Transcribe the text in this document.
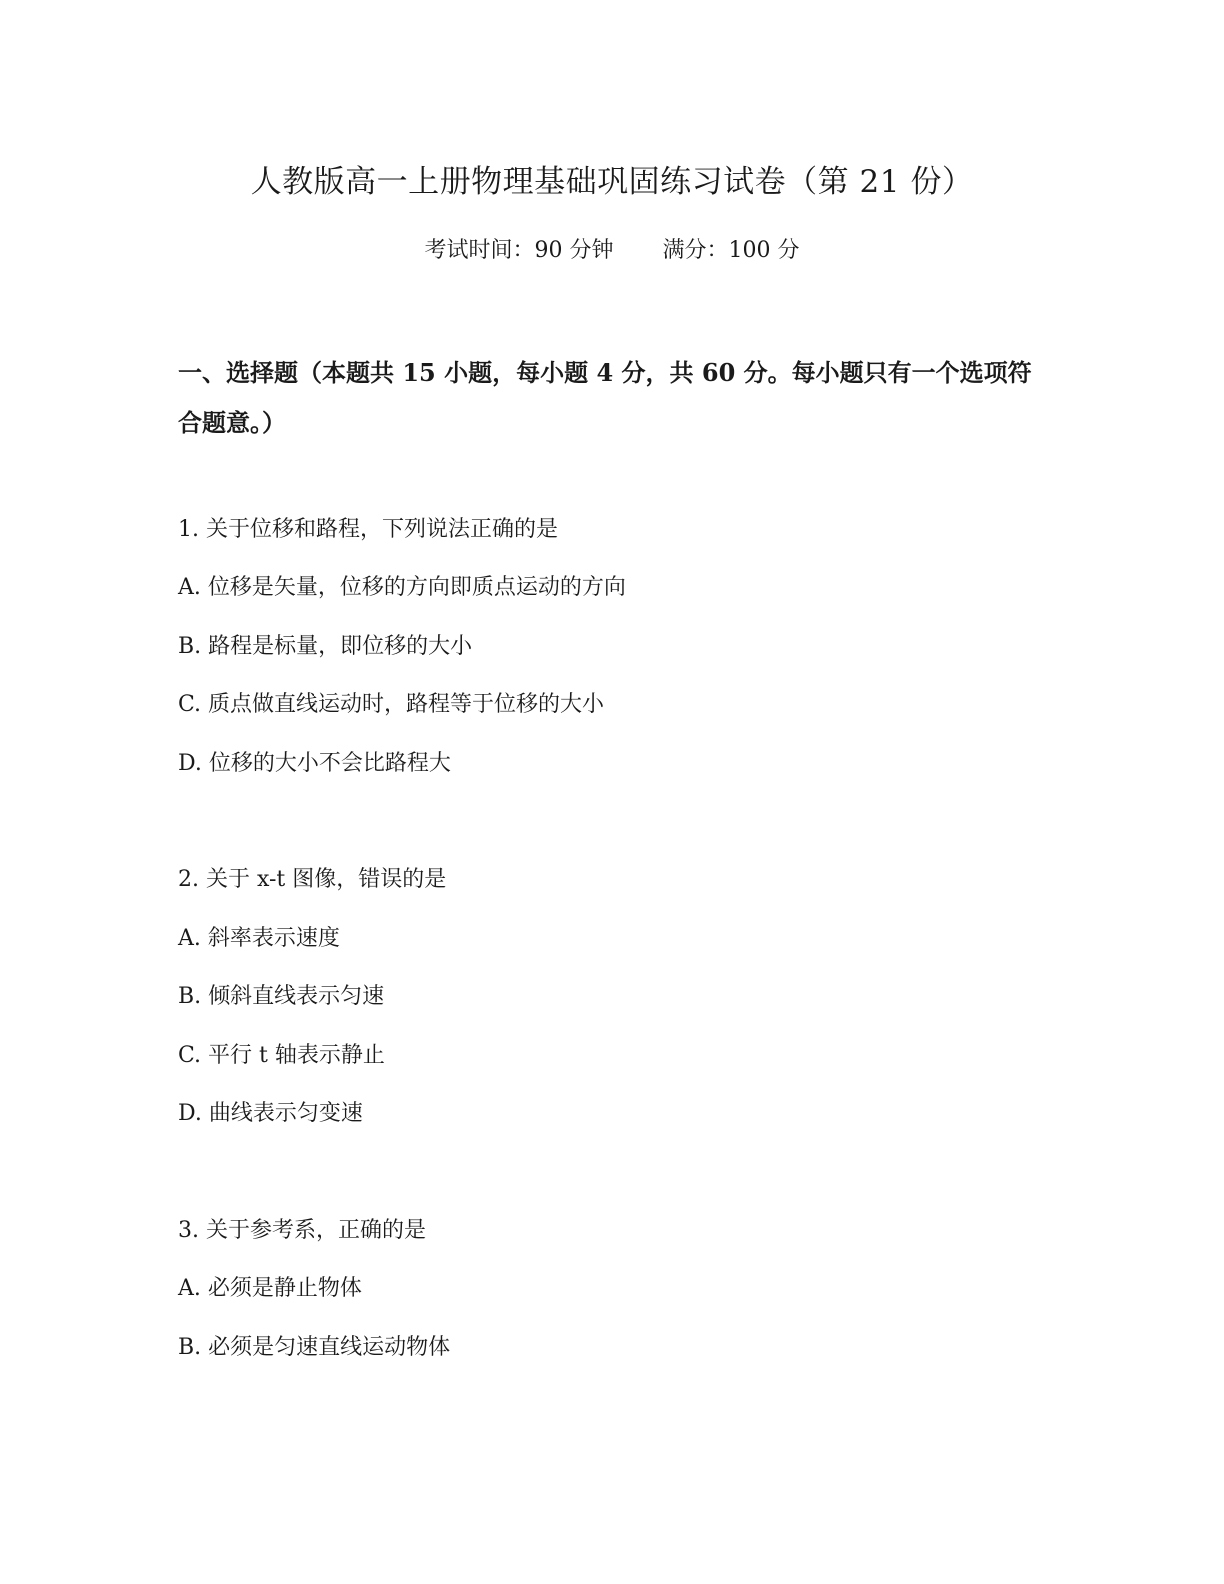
人教版高一上册物理基础巩固练习试卷（第 21 份）
考试时间：90 分钟       满分：100 分
一、选择题（本题共 15 小题，每小题 4 分，共 60 分。每小题只有一个选项符合题意。）
1. 关于位移和路程，下列说法正确的是
A. 位移是矢量，位移的方向即质点运动的方向
B. 路程是标量，即位移的大小
C. 质点做直线运动时，路程等于位移的大小
D. 位移的大小不会比路程大
2. 关于 x-t 图像，错误的是
A. 斜率表示速度
B. 倾斜直线表示匀速
C. 平行 t 轴表示静止
D. 曲线表示匀变速
3. 关于参考系，正确的是
A. 必须是静止物体
B. 必须是匀速直线运动物体
